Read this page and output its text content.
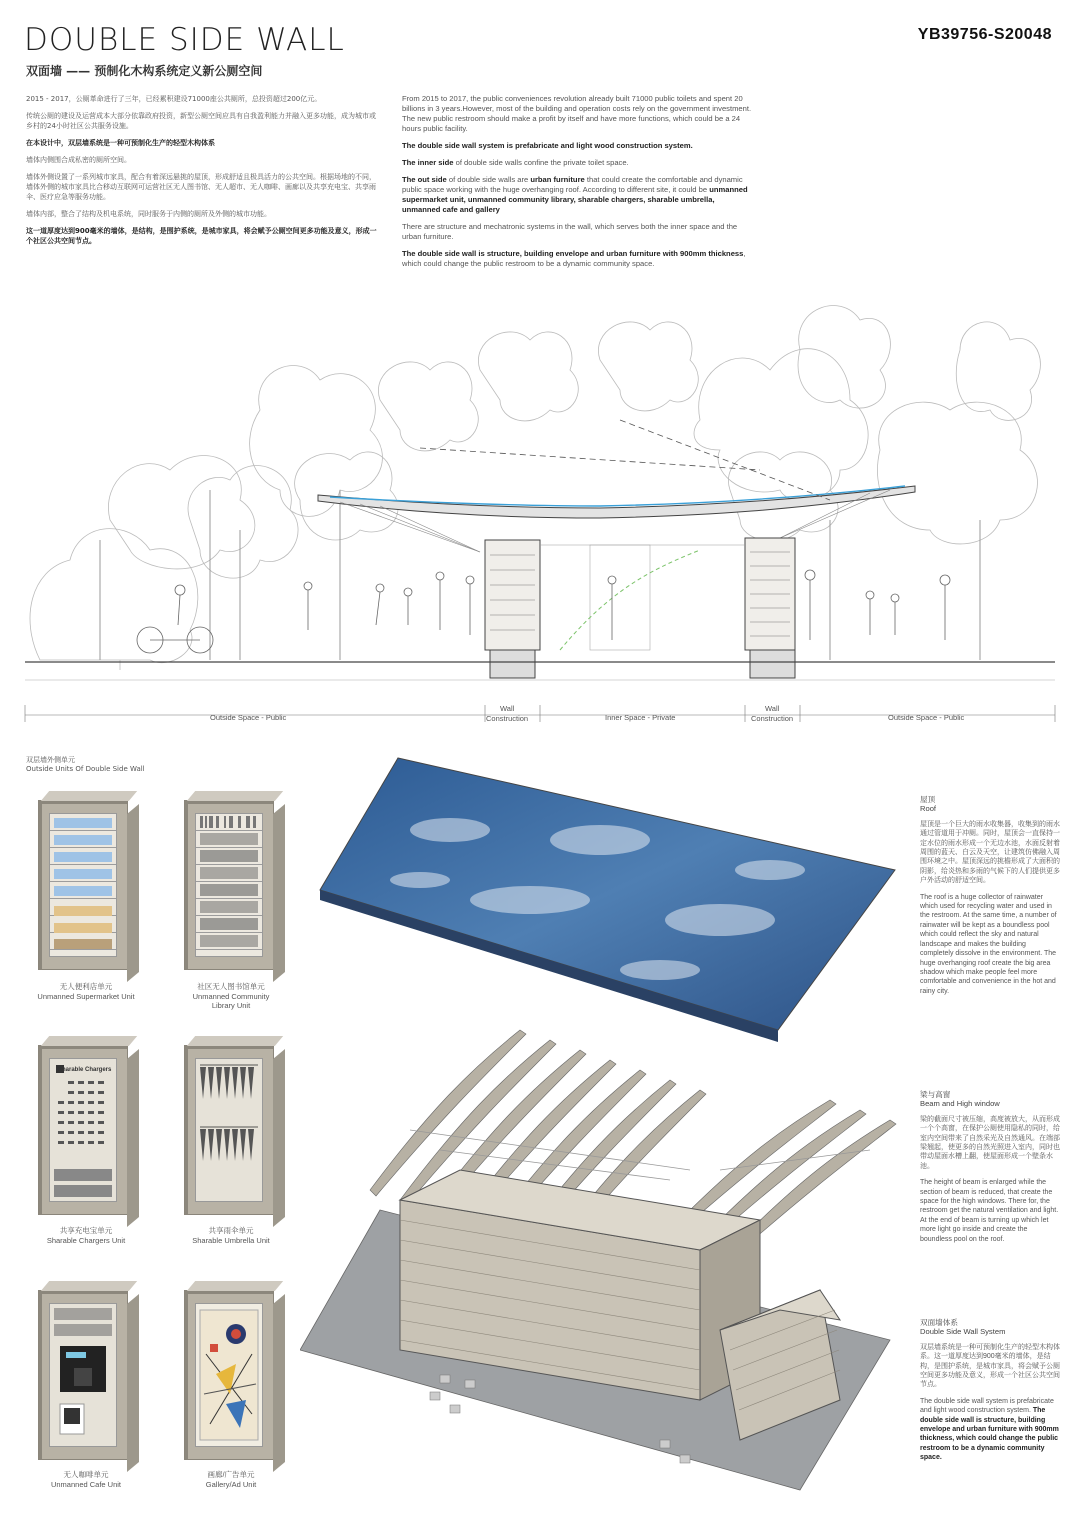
DOUBLE SIDE WALL
双面墙 —— 预制化木构系统定义新公厕空间
YB39756-S20048

2015 - 2017，公厕革命进行了三年，已经累积建设71000座公共厕所，总投资超过200亿元。

传统公厕的建设及运营成本大部分依靠政府投资，新型公厕空间应具有自我盈利能力并融入更多功能，成为城市或乡村的24小时社区公共服务设施。

在本设计中，双层墙系统是一种可预制化生产的轻型木构体系

墙体内侧围合成私密的厕所空间。

墙体外侧设置了一系列城市家具，配合有着深远悬挑的屋顶，形成舒适且极具活力的公共空间。根据场地的不同，墙体外侧的城市家具比合移动互联网可运营社区无人图书馆、无人超市、无人咖啡、画廊以及共享充电宝、共享雨伞、医疗应急等服务功能。

墙体内部，整合了结构及机电系统，同时服务于内侧的厕所及外侧的城市功能。

这一道厚度达到900毫米的墙体，是结构，是围护系统，是城市家具，将会赋予公厕空间更多功能及意义，形成一个社区公共空间节点。

From 2015 to 2017, the public conveniences revolution already built 71000 public toilets and spent 20 billions in 3 years.However, most of the building and operation costs rely on the government investment. The new public restroom should make a profit by itself and have more functions, which could be a 24 hours public facility.

The double side wall system is prefabricate and light wood construction system.

The inner side of double side walls confine the private toilet space.

The out side of double side walls are urban furniture that could create the comfortable and dynamic public space working with the huge overhanging roof. According to different site, it could be unmanned supermarket unit, unmanned community library, sharable chargers, sharable umbrella, unmanned cafe and gallery

There are structure and mechatronic systems in the wall, which serves both the inner space and the urban furniture.

The double side wall is structure, building envelope and urban furniture with 900mm thickness, which could change the public restroom to be a dynamic community space.

Outside Space - Public
Wall
Construction	Inner Space - Private
Wall
Construction	Outside Space - Public
双层墙外侧单元
Outside Units Of Double Side Wall
无人便利店单元
Unmanned Supermarket Unit
社区无人图书馆单元
Unmanned Community
Library Unit
Sharable Chargers
共享充电宝单元
Sharable Chargers Unit
共享雨伞单元
Sharable Umbrella Unit
无人咖啡单元
Unmanned Cafe Unit
画廊/广告单元
Gallery/Ad Unit
屋顶
Roof

屋顶是一个巨大的雨水收集器，收集到的雨水通过管道用于冲厕。同时，屋顶会一直保持一定水位的雨水形成一个无边水池，水面反射着周围的蓝天、白云及天空，让建筑仿佛融入周围环境之中。屋顶深远的挑檐形成了大面积的阴影，给炎热和多雨的气候下的人们提供更多户外活动的舒适空间。

The roof is a huge collector of rainwater which used for recycling water and used in the restroom. At the same time, a number of rainwater will be kept as a boundless pool which could reflect the sky and natural landscape and makes the building completely dissolve in the environment. The huge overhanging roof create the big area shadow which make people feel more comfortable and convenience in the hot and rainy city.

梁与高窗
Beam and High window

梁的截面尺寸被压缩，高度被放大，从而形成一个个高窗，在保护公厕使用隐私的同时，给室内空间带来了自然采光及自然通风。在端部梁翘起，使更多的自然光照进入室内，同时也带动屋面水槽上翻，使屋面形成一个壁条水池。

The height of beam is enlarged while the section of beam is reduced, that create the space for the high windows. There for, the restroom get the natural ventilation and light. At the end of beam is turning up which let more light go inside and create the boundless pool on the roof.

双面墙体系
Double Side Wall System

双层墙系统是一种可预制化生产的轻型木构体系。这一道厚度达到900毫米的墙体，是结构，是围护系统，是城市家具，将会赋予公厕空间更多功能及意义，形成一个社区公共空间节点。

The double side wall system is prefabricate and light wood construction system. The double side wall is structure, building envelope and urban furniture with 900mm thickness, which could change the public restroom to be a dynamic community space.
